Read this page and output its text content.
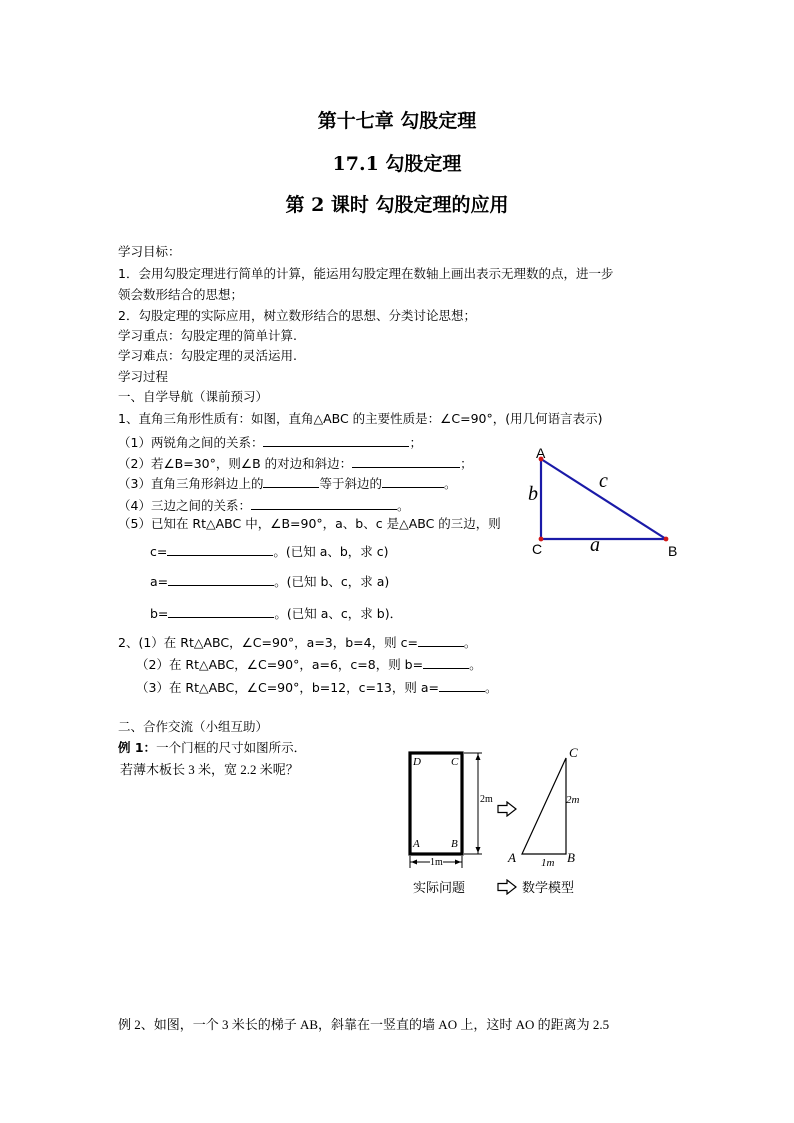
第十七章 勾股定理
17.1 勾股定理
第 2 课时 勾股定理的应用
学习目标：
1．会用勾股定理进行简单的计算，能运用勾股定理在数轴上画出表示无理数的点，进一步
领会数形结合的思想；
2．勾股定理的实际应用，树立数形结合的思想、分类讨论思想；
学习重点：勾股定理的简单计算.
学习难点：勾股定理的灵活运用.
学习过程
一、自学导航（课前预习）
1、直角三角形性质有：如图，直角△ABC 的主要性质是：∠C=90°，(用几何语言表示)
（1）两锐角之间的关系：	；
（2）若∠B=30°，则∠B 的对边和斜边：	；
（3）直角三角形斜边上的	等于斜边的	。
（4）三边之间的关系：	。
（5）已知在 Rt△ABC 中，∠B=90°，a、b、c 是△ABC 的三边，则
c=	。(已知 a、b，求 c)
a=	。(已知 b、c，求 a)
b=	。(已知 a、c，求 b)．
2、(1）在 Rt△ABC，∠C=90°，a=3，b=4，则 c=	。
（2）在 Rt△ABC，∠C=90°，a=6，c=8，则 b=	。
（3）在 Rt△ABC，∠C=90°，b=12，c=13，则 a=	。
A
C	B
b
c
a
二、合作交流（小组互助）
例 1：一个门框的尺寸如图所示．
若薄木板长 3 米，宽 2.2 米呢？	D	C
A	B
2m
1m
C
2m
A	B
1m
实际问题	数学模型
例 2、如图，一个 3 米长的梯子 AB，斜靠在一竖直的墙 AO 上，这时 AO 的距离为 2.5
